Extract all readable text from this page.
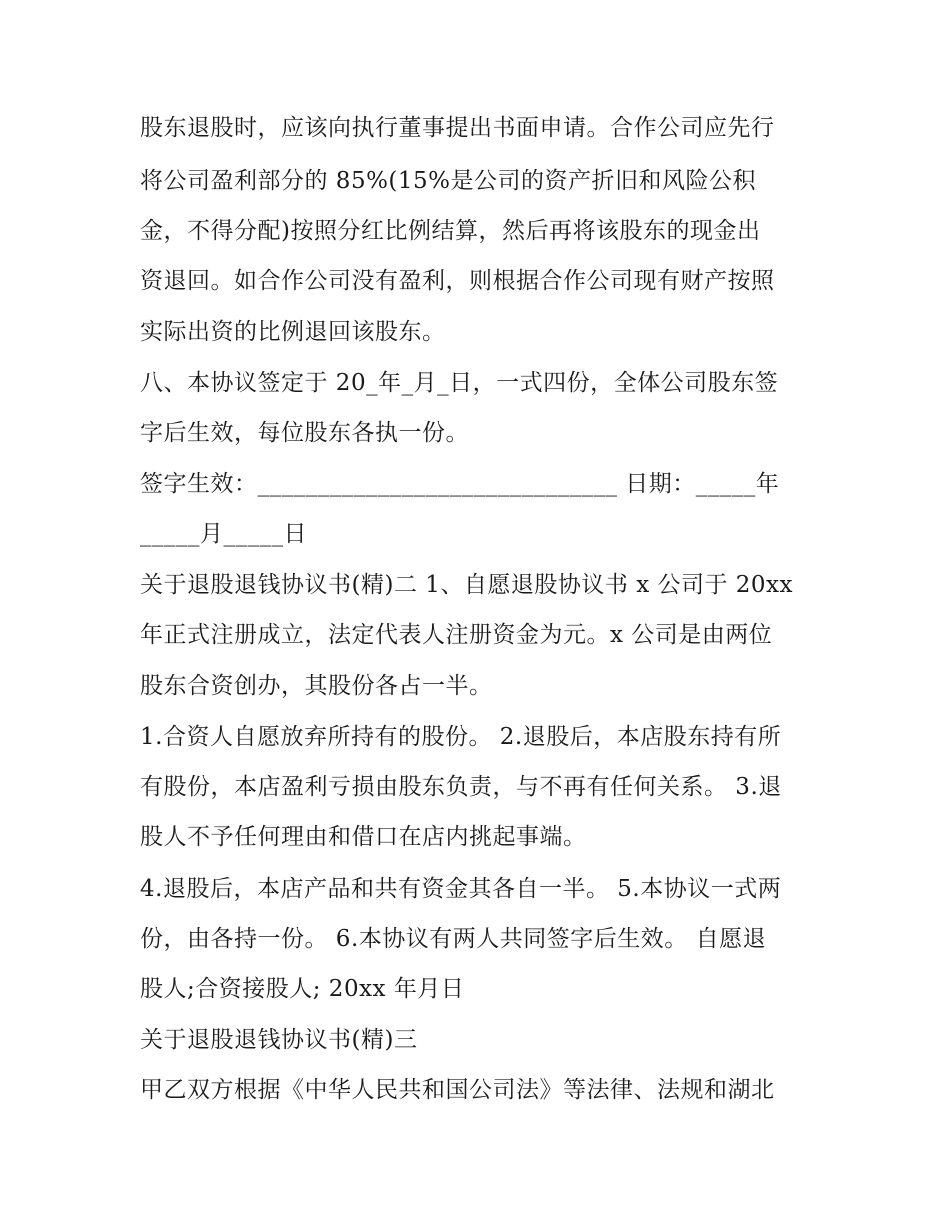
股东退股时，应该向执行董事提出书面申请。合作公司应先行
将公司盈利部分的 85%(15%是公司的资产折旧和风险公积
金，不得分配)按照分红比例结算，然后再将该股东的现金出
资退回。如合作公司没有盈利，则根据合作公司现有财产按照
实际出资的比例退回该股东。
八、本协议签定于 20_年_月_日，一式四份，全体公司股东签
字后生效，每位股东各执一份。
签字生效：______________________________ 日期：_____年
_____月_____日
关于退股退钱协议书(精)二 1、自愿退股协议书 x 公司于 20xx
年正式注册成立，法定代表人注册资金为元。x 公司是由两位
股东合资创办，其股份各占一半。
1.合资人自愿放弃所持有的股份。 2.退股后，本店股东持有所
有股份，本店盈利亏损由股东负责，与不再有任何关系。 3.退
股人不予任何理由和借口在店内挑起事端。
4.退股后，本店产品和共有资金其各自一半。 5.本协议一式两
份，由各持一份。 6.本协议有两人共同签字后生效。 自愿退
股人;合资接股人; 20xx 年月日
关于退股退钱协议书(精)三
甲乙双方根据《中华人民共和国公司法》等法律、法规和湖北
